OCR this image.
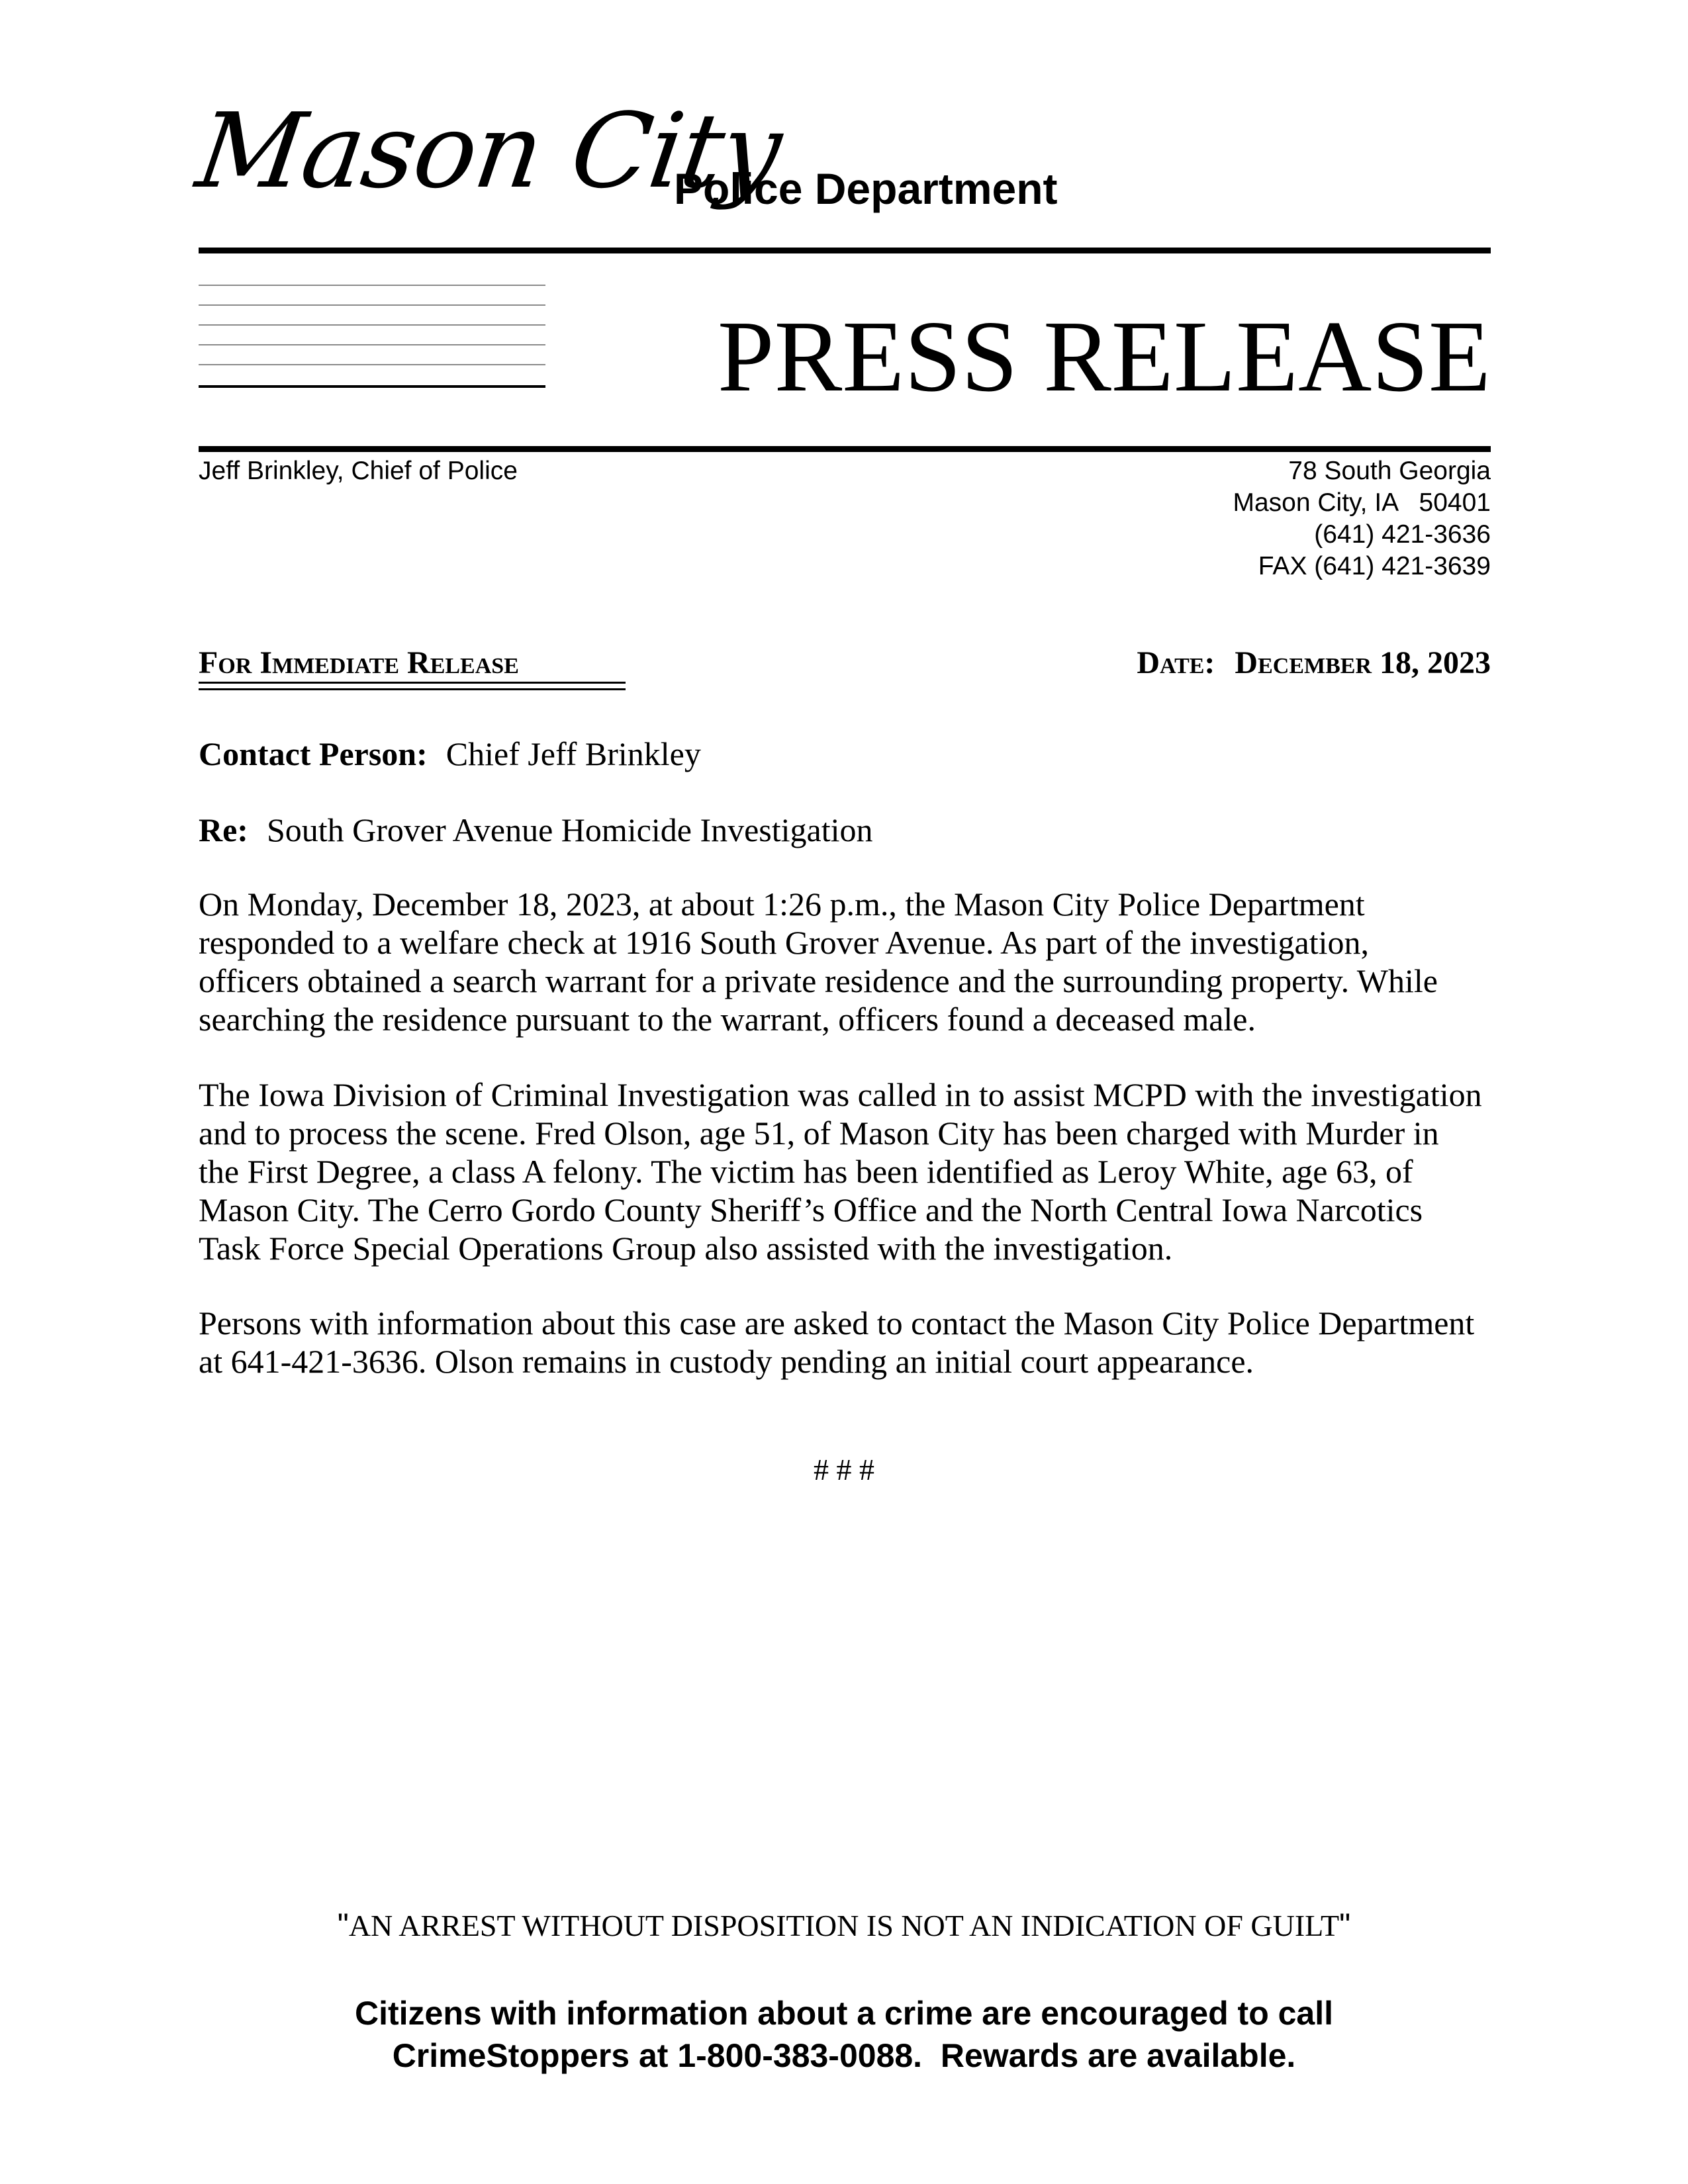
Mason City
Police Department
PRESS RELEASE
Jeff Brinkley, Chief of Police	78 South Georgia
Mason City, IA   50401
(641) 421-3636
FAX (641) 421-3639
For Immediate Release	Date: December 18, 2023
Contact Person: Chief Jeff Brinkley
Re: South Grover Avenue Homicide Investigation
On Monday, December 18, 2023, at about 1:26 p.m., the Mason City Police Department
responded to a welfare check at 1916 South Grover Avenue. As part of the investigation,
officers obtained a search warrant for a private residence and the surrounding property. While
searching the residence pursuant to the warrant, officers found a deceased male.
The Iowa Division of Criminal Investigation was called in to assist MCPD with the investigation
and to process the scene. Fred Olson, age 51, of Mason City has been charged with Murder in
the First Degree, a class A felony. The victim has been identified as Leroy White, age 63, of
Mason City. The Cerro Gordo County Sheriff’s Office and the North Central Iowa Narcotics
Task Force Special Operations Group also assisted with the investigation.
Persons with information about this case are asked to contact the Mason City Police Department
at 641-421-3636. Olson remains in custody pending an initial court appearance.
# # #
"AN ARREST WITHOUT DISPOSITION IS NOT AN INDICATION OF GUILT"
Citizens with information about a crime are encouraged to call
CrimeStoppers at 1-800-383-0088.  Rewards are available.
